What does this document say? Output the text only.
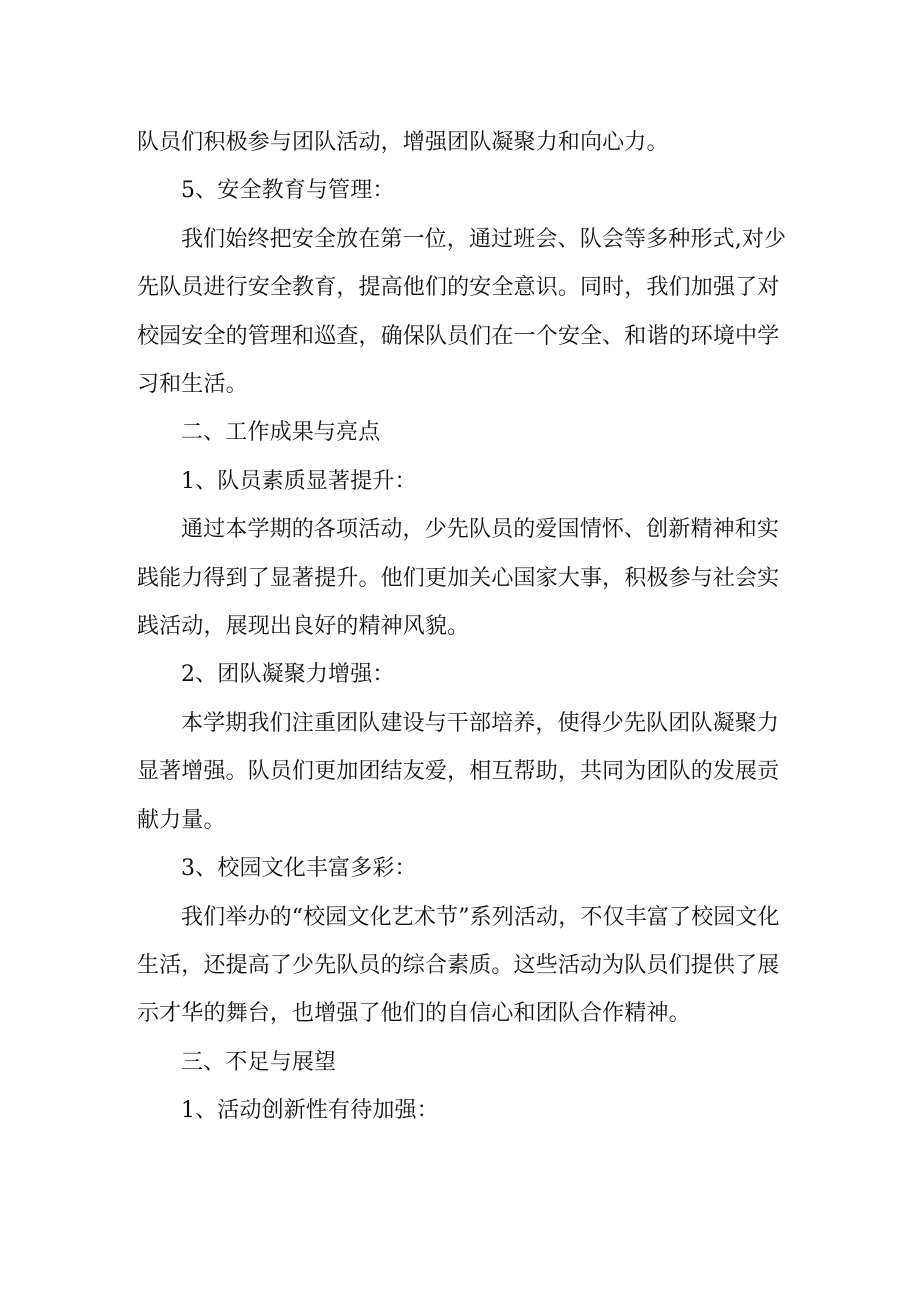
队员们积极参与团队活动，增强团队凝聚力和向心力。

5、安全教育与管理：

我们始终把安全放在第一位，通过班会、队会等多种形式,对少先队员进行安全教育，提高他们的安全意识。同时，我们加强了对校园安全的管理和巡查，确保队员们在一个安全、和谐的环境中学习和生活。

二、工作成果与亮点

1、队员素质显著提升：

通过本学期的各项活动，少先队员的爱国情怀、创新精神和实践能力得到了显著提升。他们更加关心国家大事，积极参与社会实践活动，展现出良好的精神风貌。

2、团队凝聚力增强：

本学期我们注重团队建设与干部培养，使得少先队团队凝聚力显著增强。队员们更加团结友爱，相互帮助，共同为团队的发展贡献力量。

3、校园文化丰富多彩：

我们举办的“校园文化艺术节”系列活动，不仅丰富了校园文化生活，还提高了少先队员的综合素质。这些活动为队员们提供了展示才华的舞台，也增强了他们的自信心和团队合作精神。

三、不足与展望

1、活动创新性有待加强：
